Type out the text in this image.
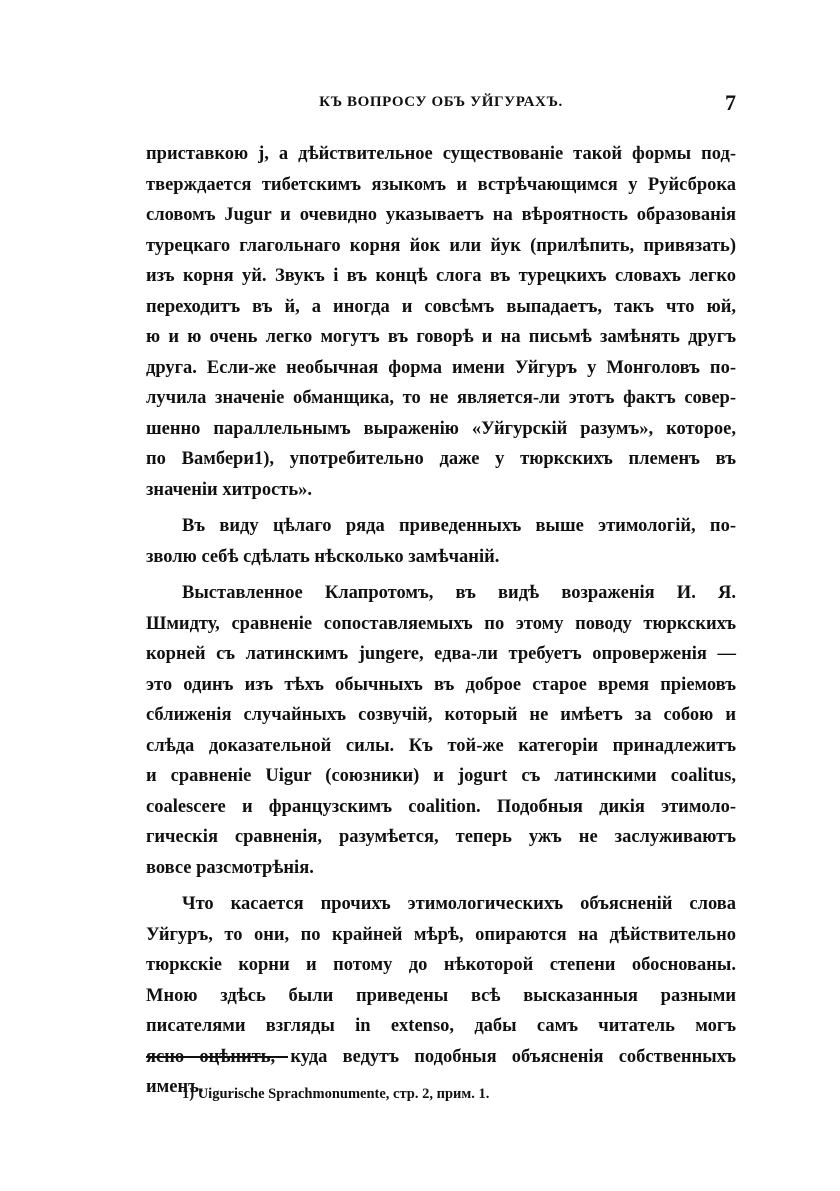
КЪ ВОПРОСУ ОБЪ УЙГУРАХЪ.	7
приставкою j, а дѣйствительное существованіе такой формы под-
тверждается тибетскимъ языкомъ и встрѣчающимся у Руйсброка
словомъ Jugur и очевидно указываетъ на вѣроятность образованія
турецкаго глагольнаго корня йок или йук (прилѣпить, привязать)
изъ корня уй. Звукъ і въ концѣ слога въ турецкихъ словахъ легко
переходитъ въ й, а иногда и совсѣмъ выпадаетъ, такъ что юй,
ю и ю очень легко могутъ въ говорѣ и на письмѣ замѣнять другъ
друга. Если-же необычная форма имени Уйгуръ у Монголовъ по-
лучила значеніе обманщика, то не является-ли этотъ фактъ совер-
шенно параллельнымъ выраженію «Уйгурскій разумъ», которое,
по Вамбери1), употребительно даже у тюркскихъ племенъ въ
значеніи хитрость».
Въ виду цѣлаго ряда приведенныхъ выше этимологій, по-
зволю себѣ сдѣлать нѣсколько замѣчаній.
Выставленное Клапротомъ, въ видѣ возраженія И. Я.
Шмидту, сравненіе сопоставляемыхъ по этому поводу тюркскихъ
корней съ латинскимъ jungere, едва-ли требуетъ опроверженія —
это одинъ изъ тѣхъ обычныхъ въ доброе старое время пріемовъ
сближенія случайныхъ созвучій, который не имѣетъ за собою и
слѣда доказательной силы. Къ той-же категоріи принадлежитъ
и сравненіе Uigur (союзники) и jogurt съ латинскими coalitus,
coalescere и французскимъ coalition. Подобныя дикія этимоло-
гическія сравненія, разумѣется, теперь ужъ не заслуживаютъ
вовсе разсмотрѣнія.
Что касается прочихъ этимологическихъ объясненій слова
Уйгуръ, то они, по крайней мѣрѣ, опираются на дѣйствительно
тюркскіе корни и потому до нѣкоторой степени обоснованы.
Мною здѣсь были приведены всѣ высказанныя разными
писателями взгляды in extenso, дабы самъ читатель могъ
ясно оцѣнить, куда ведутъ подобныя объясненія собственныхъ
именъ.
1) Uigurische Sprachmonumente, стр. 2, прим. 1.
